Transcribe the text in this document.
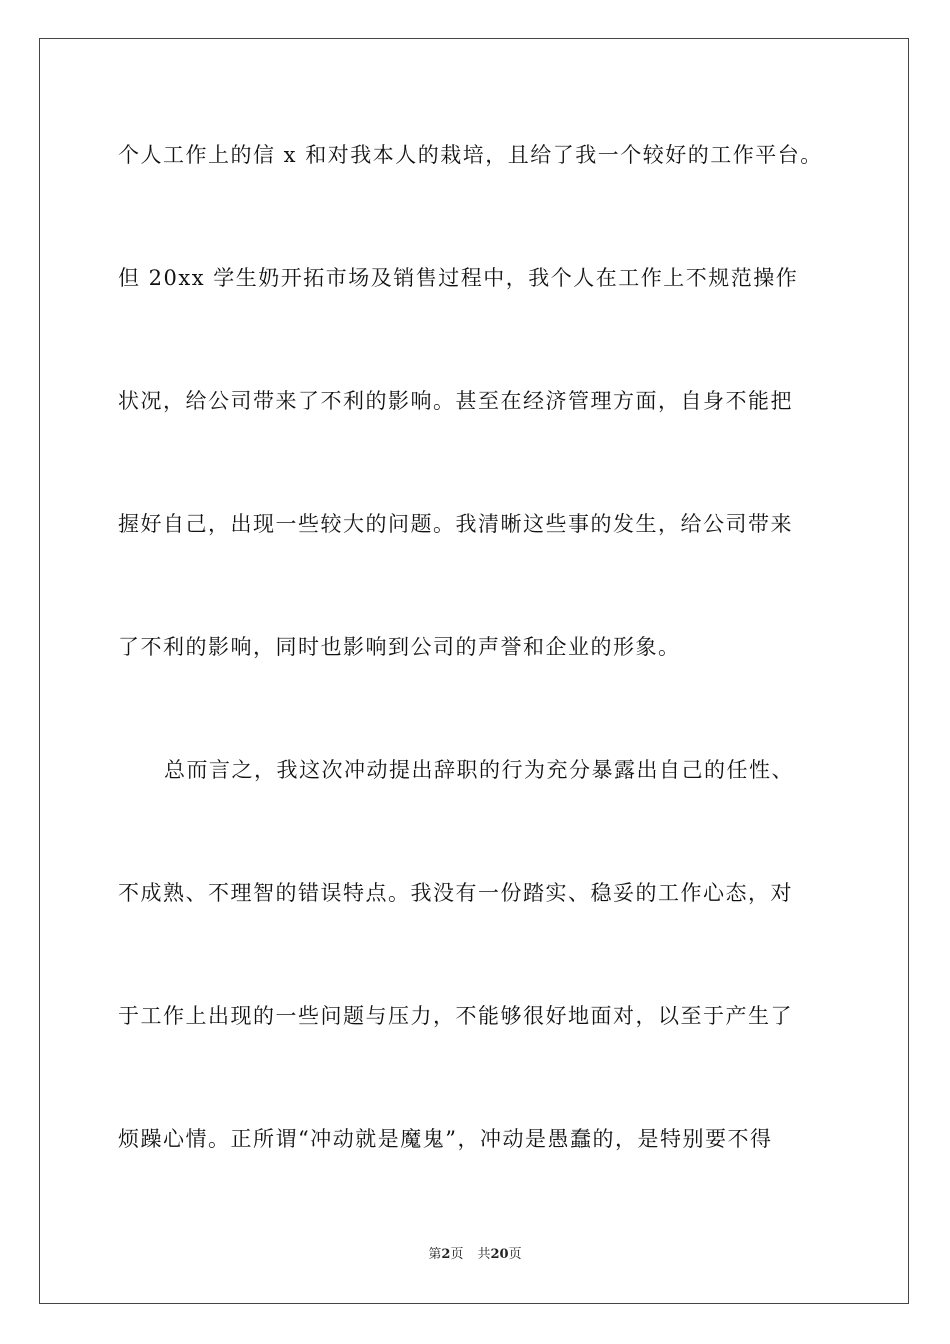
个人工作上的信 x 和对我本人的栽培，且给了我一个较好的工作平台。
但 20xx 学生奶开拓市场及销售过程中，我个人在工作上不规范操作
状况，给公司带来了不利的影响。甚至在经济管理方面，自身不能把
握好自己，出现一些较大的问题。我清晰这些事的发生，给公司带来
了不利的影响，同时也影响到公司的声誉和企业的形象。
总而言之，我这次冲动提出辞职的行为充分暴露出自己的任性、
不成熟、不理智的错误特点。我没有一份踏实、稳妥的工作心态，对
于工作上出现的一些问题与压力，不能够很好地面对，以至于产生了
烦躁心情。正所谓“冲动就是魔鬼”，冲动是愚蠢的，是特别要不得
第2页 共20页
